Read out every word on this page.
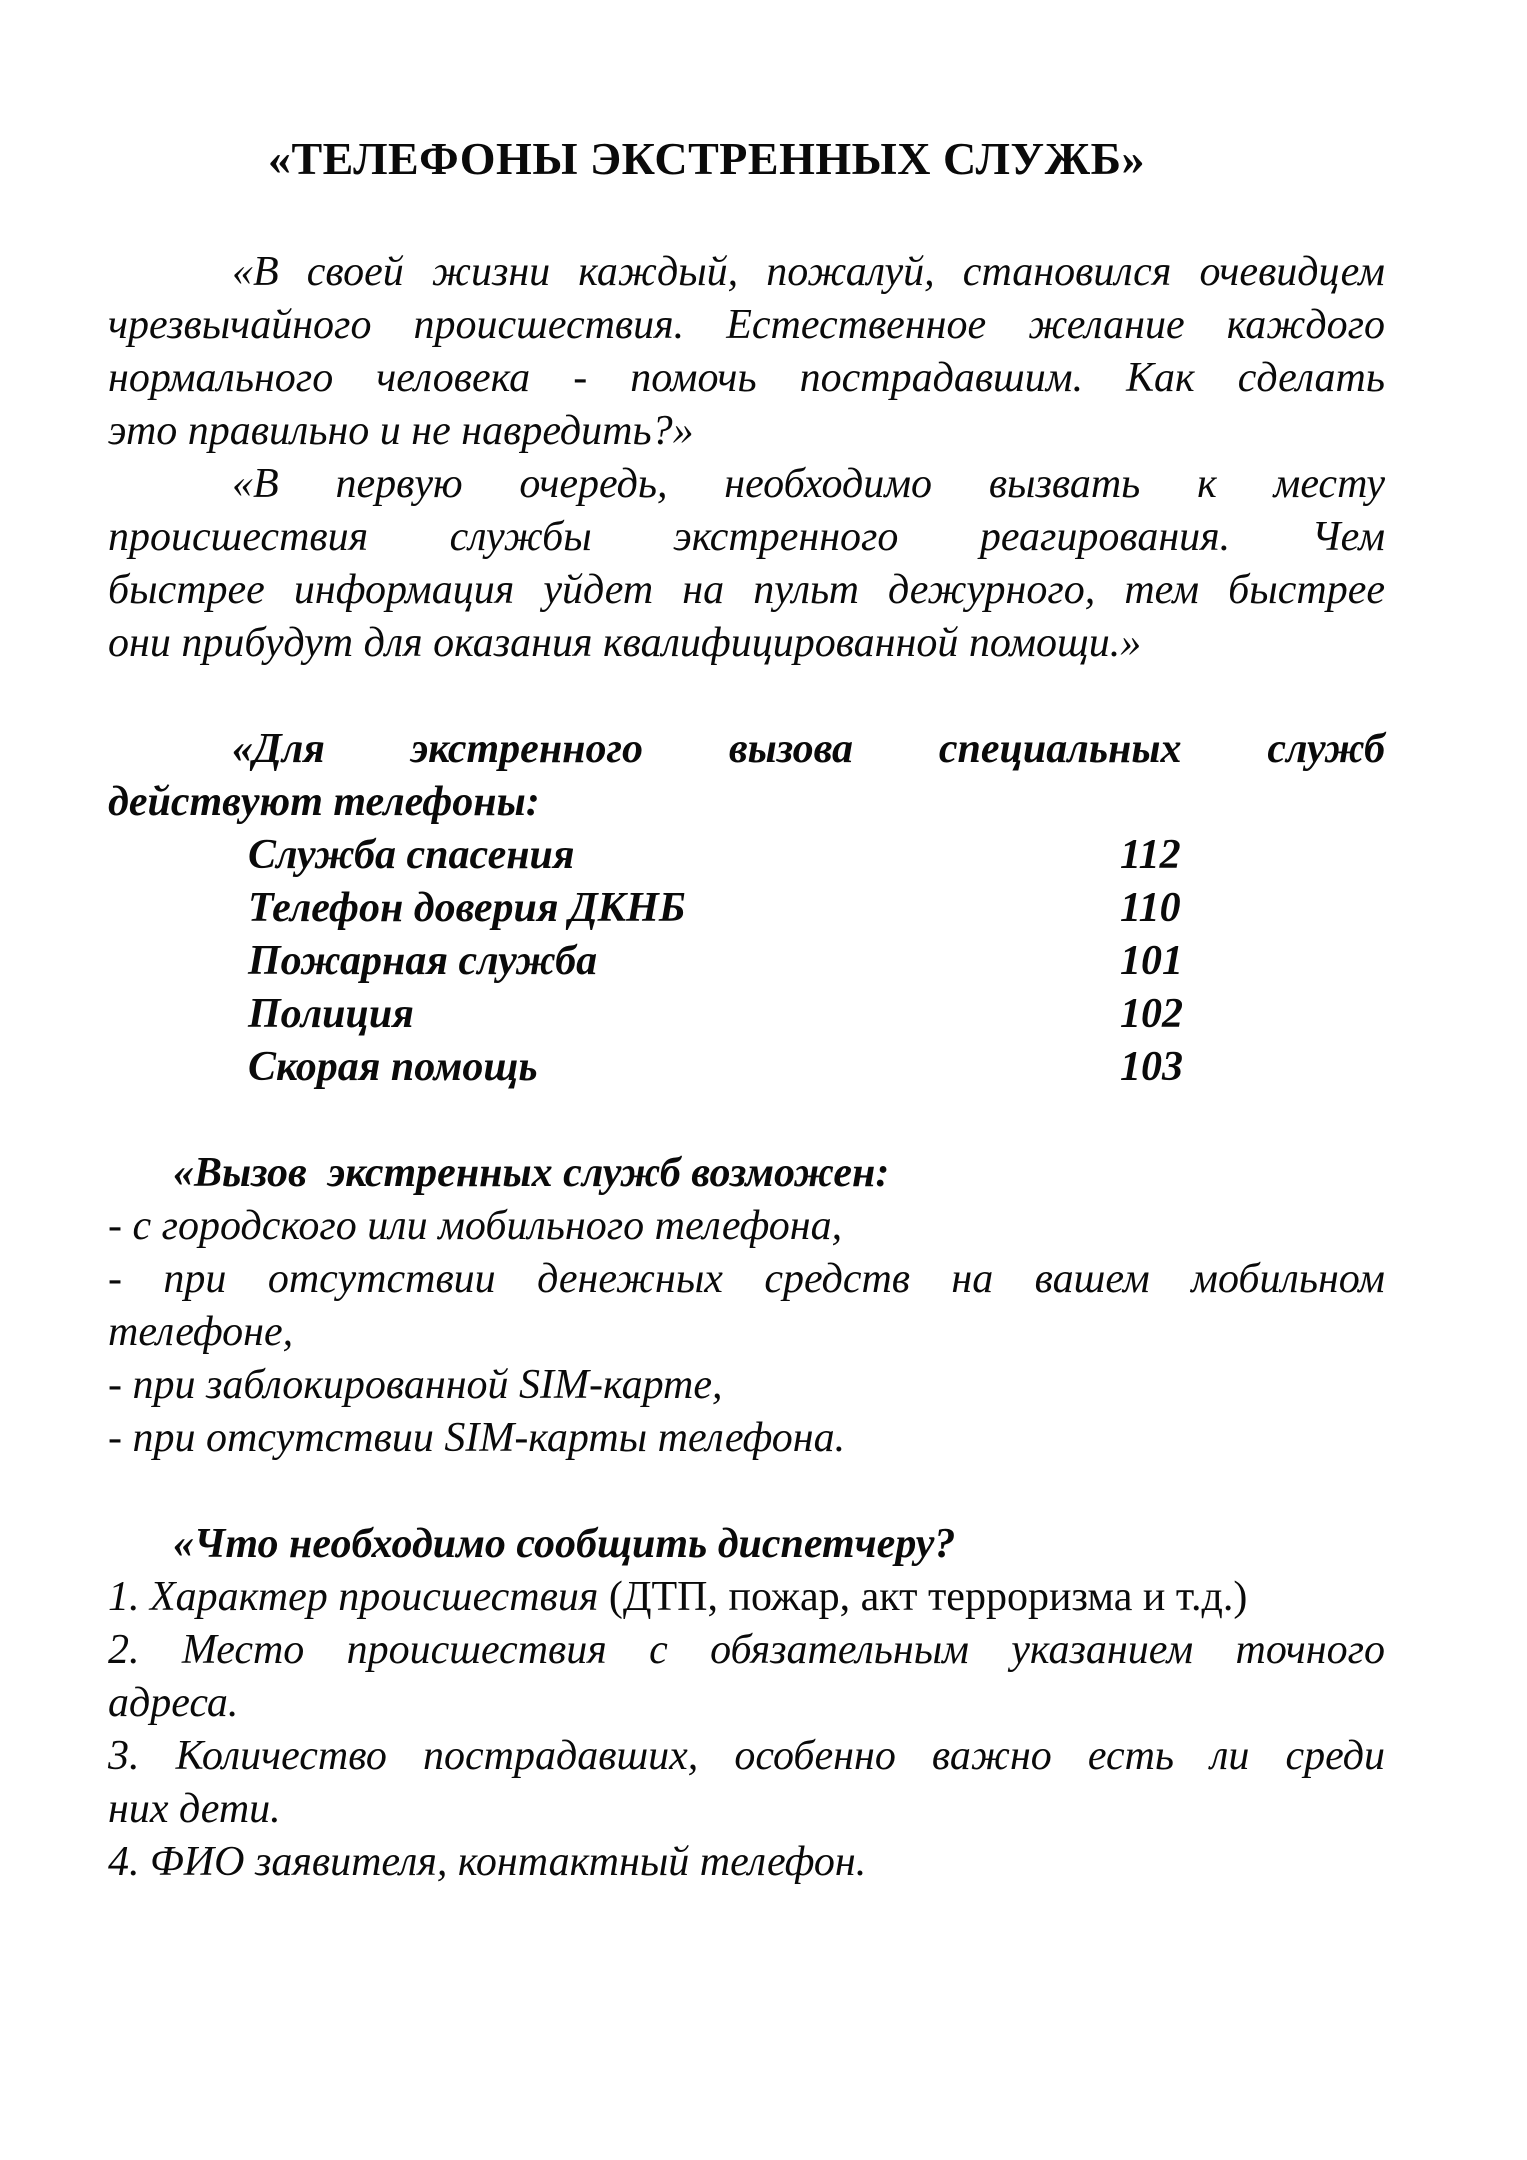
«ТЕЛЕФОНЫ ЭКСТРЕННЫХ СЛУЖБ»
«В своей жизни каждый, пожалуй, становился очевидцем
чрезвычайного происшествия. Естественное желание каждого
нормального человека - помочь пострадавшим. Как сделать
это правильно и не навредить?»
«В первую очередь, необходимо вызвать к месту
происшествия службы экстренного реагирования. Чем
быстрее информация уйдет на пульт дежурного, тем быстрее
они прибудут для оказания квалифицированной помощи.»
«Для экстренного вызова специальных служб
действуют телефоны:
Служба спасения	112
Телефон доверия ДКНБ	110
Пожарная служба	101
Полиция	102
Скорая помощь	103
«Вызов  экстренных служб возможен:
- с городского или мобильного телефона,
- при отсутствии денежных средств на вашем мобильном
телефоне,
- при заблокированной SIM-карте,
- при отсутствии SIM-карты телефона.
«Что необходимо сообщить диспетчеру?
1. Характер происшествия (ДТП, пожар, акт терроризма и т.д.)
2. Место происшествия с обязательным указанием точного
адреса.
3. Количество пострадавших, особенно важно есть ли среди
них дети.
4. ФИО заявителя, контактный телефон.
